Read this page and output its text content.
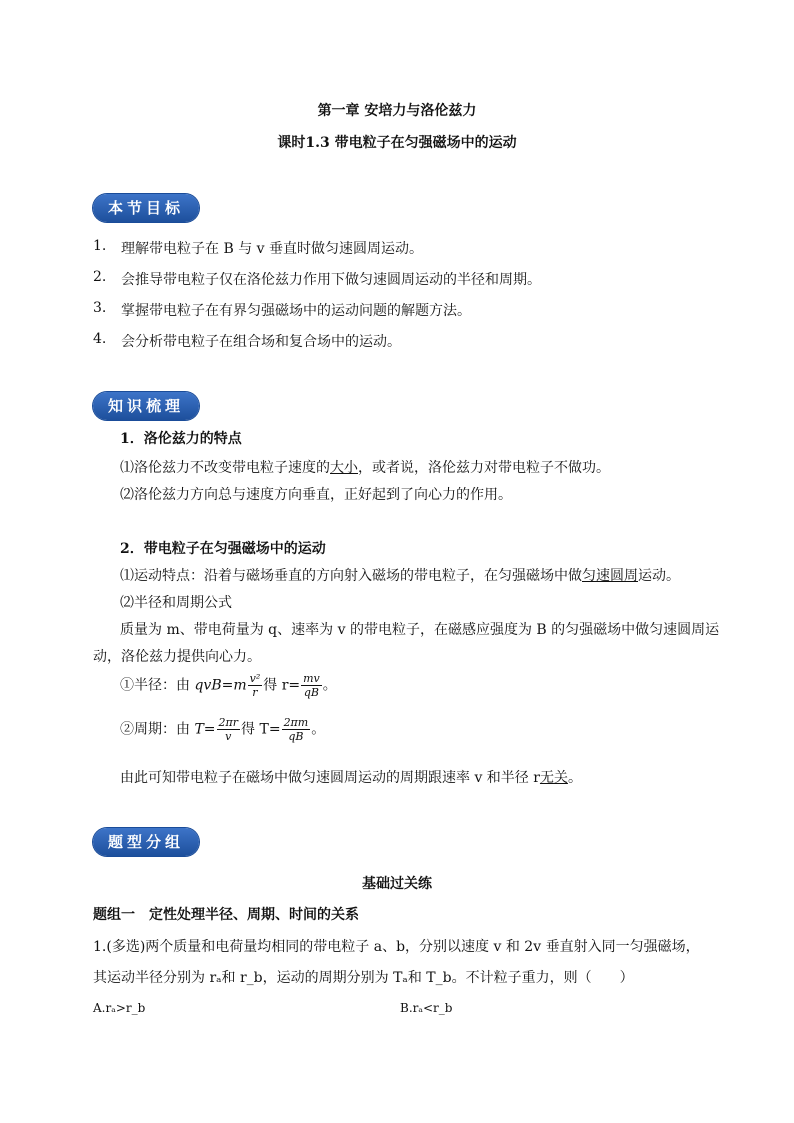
第一章 安培力与洛伦兹力
课时1.3 带电粒子在匀强磁场中的运动
本节目标
1. 理解带电粒子在 B 与 v 垂直时做匀速圆周运动。
2. 会推导带电粒子仅在洛伦兹力作用下做匀速圆周运动的半径和周期。
3. 掌握带电粒子在有界匀强磁场中的运动问题的解题方法。
4. 会分析带电粒子在组合场和复合场中的运动。
知识梳理
1．洛伦兹力的特点
⑴洛伦兹力不改变带电粒子速度的大小，或者说，洛伦兹力对带电粒子不做功。
⑵洛伦兹力方向总与速度方向垂直，正好起到了向心力的作用。
2．带电粒子在匀强磁场中的运动
⑴运动特点：沿着与磁场垂直的方向射入磁场的带电粒子，在匀强磁场中做匀速圆周运动。
⑵半径和周期公式
质量为 m、带电荷量为 q、速率为 v 的带电粒子，在磁感应强度为 B 的匀强磁场中做匀速圆周运
动，洛伦兹力提供向心力。
①半径：由 $qvB=m \frac{\text{v²}}{r}$ 得 $r= \frac{mv}{qB}$ 。
②周期：由 $T= \frac{2\pi r}{v}$ 得 $T= \frac{2\pi m}{qB}$ 。
由此可知带电粒子在磁场中做匀速圆周运动的周期跟速率 v 和半径 r无关。
题型分组
基础过关练
题组一　定性处理半径、周期、时间的关系
1.(多选)两个质量和电荷量均相同的带电粒子 a、b，分别以速度 v 和 2v 垂直射入同一匀强磁场，
其运动半径分别为 rₐ和 r_b，运动的周期分别为 Tₐ和 T_b。不计粒子重力，则（　　）
A.rₐ>r_b	B.rₐ<r_b
